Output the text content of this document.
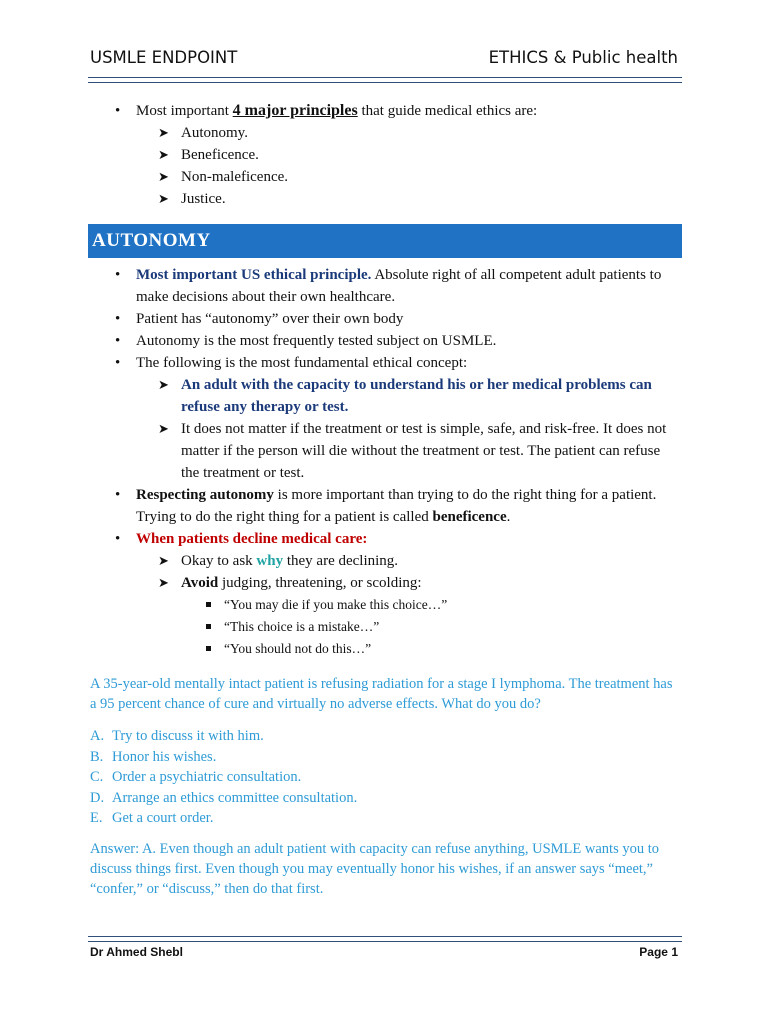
USMLE ENDPOINT	ETHICS & Public health
• Most important 4 major principles that guide medical ethics are:
➤ Autonomy.
➤ Beneficence.
➤ Non-maleficence.
➤ Justice.
AUTONOMY
• Most important US ethical principle. Absolute right of all competent adult patients to make decisions about their own healthcare.
• Patient has “autonomy” over their own body
• Autonomy is the most frequently tested subject on USMLE.
• The following is the most fundamental ethical concept:
➤ An adult with the capacity to understand his or her medical problems can refuse any therapy or test.
➤ It does not matter if the treatment or test is simple, safe, and risk-free. It does not matter if the person will die without the treatment or test. The patient can refuse the treatment or test.
• Respecting autonomy is more important than trying to do the right thing for a patient. Trying to do the right thing for a patient is called beneficence.
• When patients decline medical care:
➤ Okay to ask why they are declining.
➤ Avoid judging, threatening, or scolding:
“You may die if you make this choice…”
“This choice is a mistake…”
“You should not do this…”

A 35-year-old mentally intact patient is refusing radiation for a stage I lymphoma. The treatment has a 95 percent chance of cure and virtually no adverse effects. What do you do?

A. Try to discuss it with him.
B. Honor his wishes.
C. Order a psychiatric consultation.
D. Arrange an ethics committee consultation.
E. Get a court order.

Answer: A. Even though an adult patient with capacity can refuse anything, USMLE wants you to discuss things first. Even though you may eventually honor his wishes, if an answer says “meet,” “confer,” or “discuss,” then do that first.

Dr Ahmed Shebl	Page 1
